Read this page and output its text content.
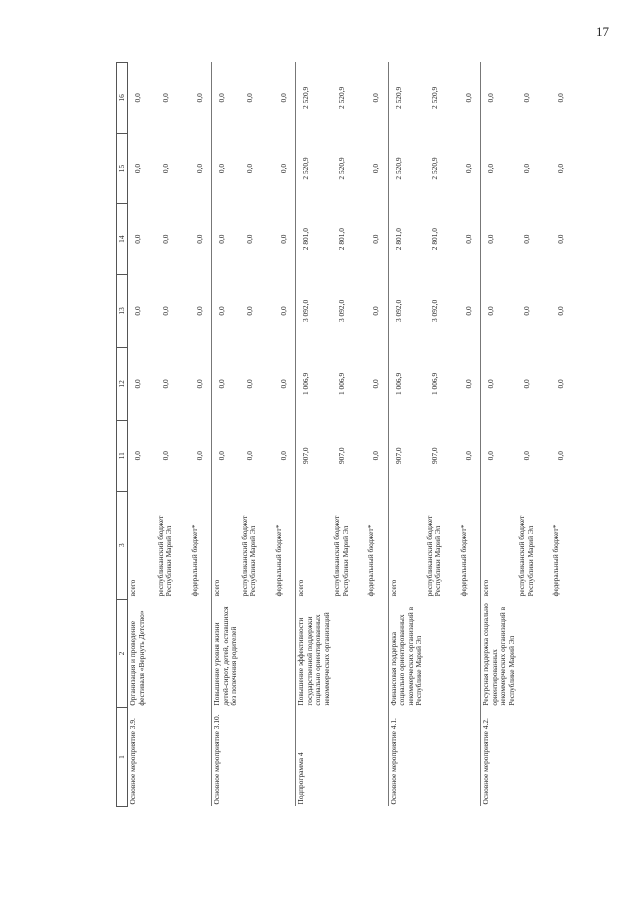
17
1	2	3	11	12	13	14	15	16
Основное мероприятие 3.9.	Организация и проведение фестиваля «Вернуть Детство»	всего	0,0	0,0	0,0	0,0	0,0	0,0
		республиканский бюджет Республики Марий Эл	0,0	0,0	0,0	0,0	0,0	0,0
		федеральный бюджет*	0,0	0,0	0,0	0,0	0,0	0,0
Основное мероприятие 3.10.	Повышение уровня жизни детей-сирот, детей, оставшихся без попечения родителей	всего	0,0	0,0	0,0	0,0	0,0	0,0
		республиканский бюджет Республики Марий Эл	0,0	0,0	0,0	0,0	0,0	0,0
		федеральный бюджет*	0,0	0,0	0,0	0,0	0,0	0,0
Подпрограмма 4	Повышение эффективности государственной поддержки социально ориентированных некоммерческих организаций	всего	907,0	1 006,9	3 092,0	2 801,0	2 520,9	2 520,9
		республиканский бюджет Республики Марий Эл	907,0	1 006,9	3 092,0	2 801,0	2 520,9	2 520,9
		федеральный бюджет*	0,0	0,0	0,0	0,0	0,0	0,0
Основное мероприятие 4.1.	Финансовая поддержка социально ориентированных некоммерческих организаций в Республике Марий Эл	всего	907,0	1 006,9	3 092,0	2 801,0	2 520,9	2 520,9
		республиканский бюджет Республики Марий Эл	907,0	1 006,9	3 092,0	2 801,0	2 520,9	2 520,9
		федеральный бюджет*	0,0	0,0	0,0	0,0	0,0	0,0
Основное мероприятие 4.2.	Ресурсная поддержка социально ориентированных некоммерческих организаций в Республике Марий Эл	всего	0,0	0,0	0,0	0,0	0,0	0,0
		республиканский бюджет Республики Марий Эл	0,0	0,0	0,0	0,0	0,0	0,0
		федеральный бюджет*	0,0	0,0	0,0	0,0	0,0	0,0
